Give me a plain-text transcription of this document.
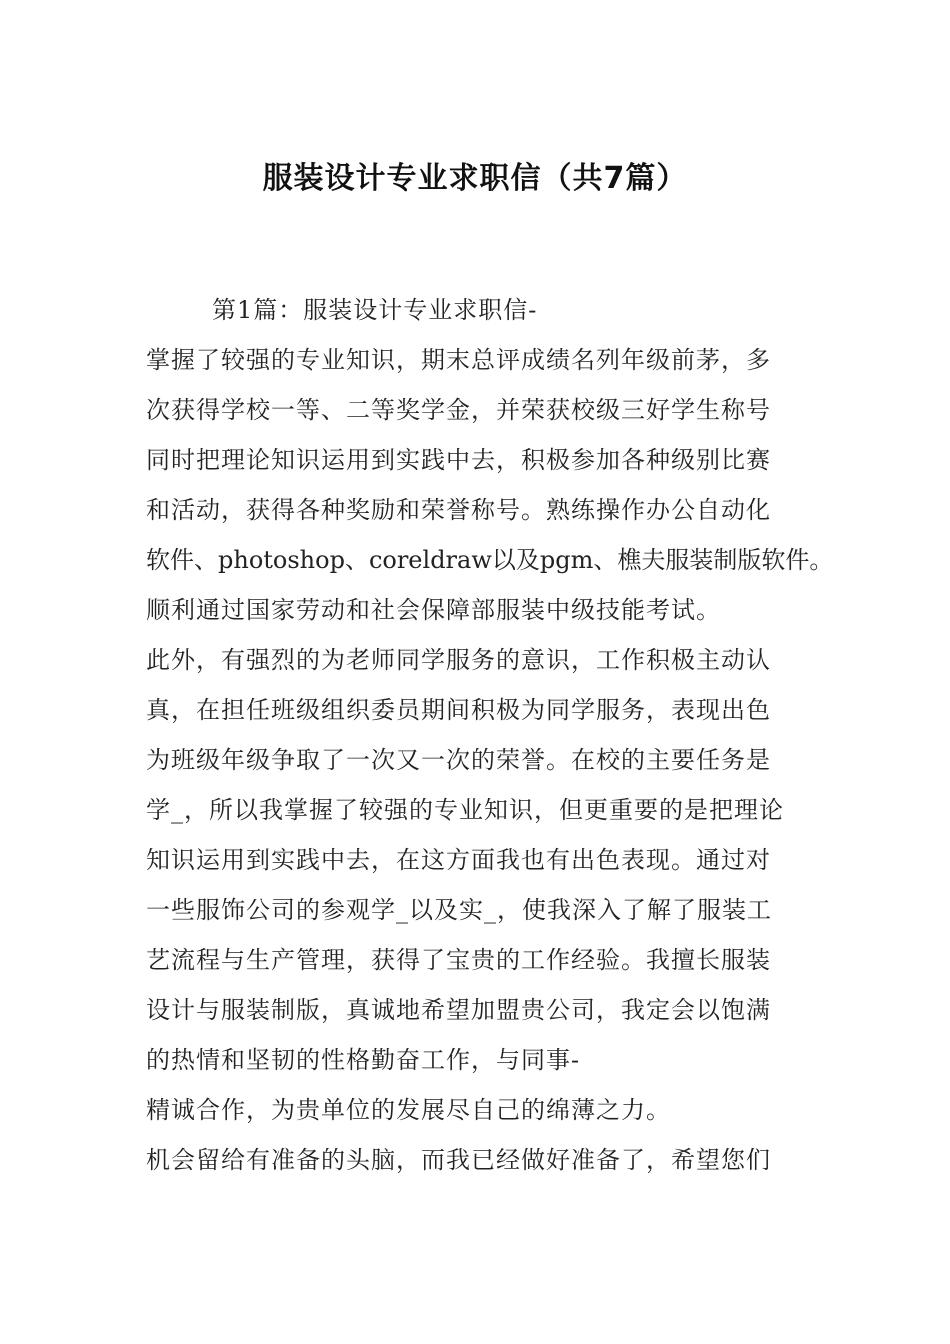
服装设计专业求职信（共7篇）
第1篇：服装设计专业求职信-
掌握了较强的专业知识，期末总评成绩名列年级前茅，多
次获得学校一等、二等奖学金，并荣获校级三好学生称号
同时把理论知识运用到实践中去，积极参加各种级别比赛
和活动，获得各种奖励和荣誉称号。熟练操作办公自动化
软件、photoshop、coreldraw以及pgm、樵夫服装制版软件。
顺利通过国家劳动和社会保障部服装中级技能考试。
此外，有强烈的为老师同学服务的意识，工作积极主动认
真，在担任班级组织委员期间积极为同学服务，表现出色
为班级年级争取了一次又一次的荣誉。在校的主要任务是
学_，所以我掌握了较强的专业知识，但更重要的是把理论
知识运用到实践中去，在这方面我也有出色表现。通过对
一些服饰公司的参观学_以及实_，使我深入了解了服装工
艺流程与生产管理，获得了宝贵的工作经验。我擅长服装
设计与服装制版，真诚地希望加盟贵公司，我定会以饱满
的热情和坚韧的性格勤奋工作，与同事-
精诚合作，为贵单位的发展尽自己的绵薄之力。
机会留给有准备的头脑，而我已经做好准备了，希望您们
